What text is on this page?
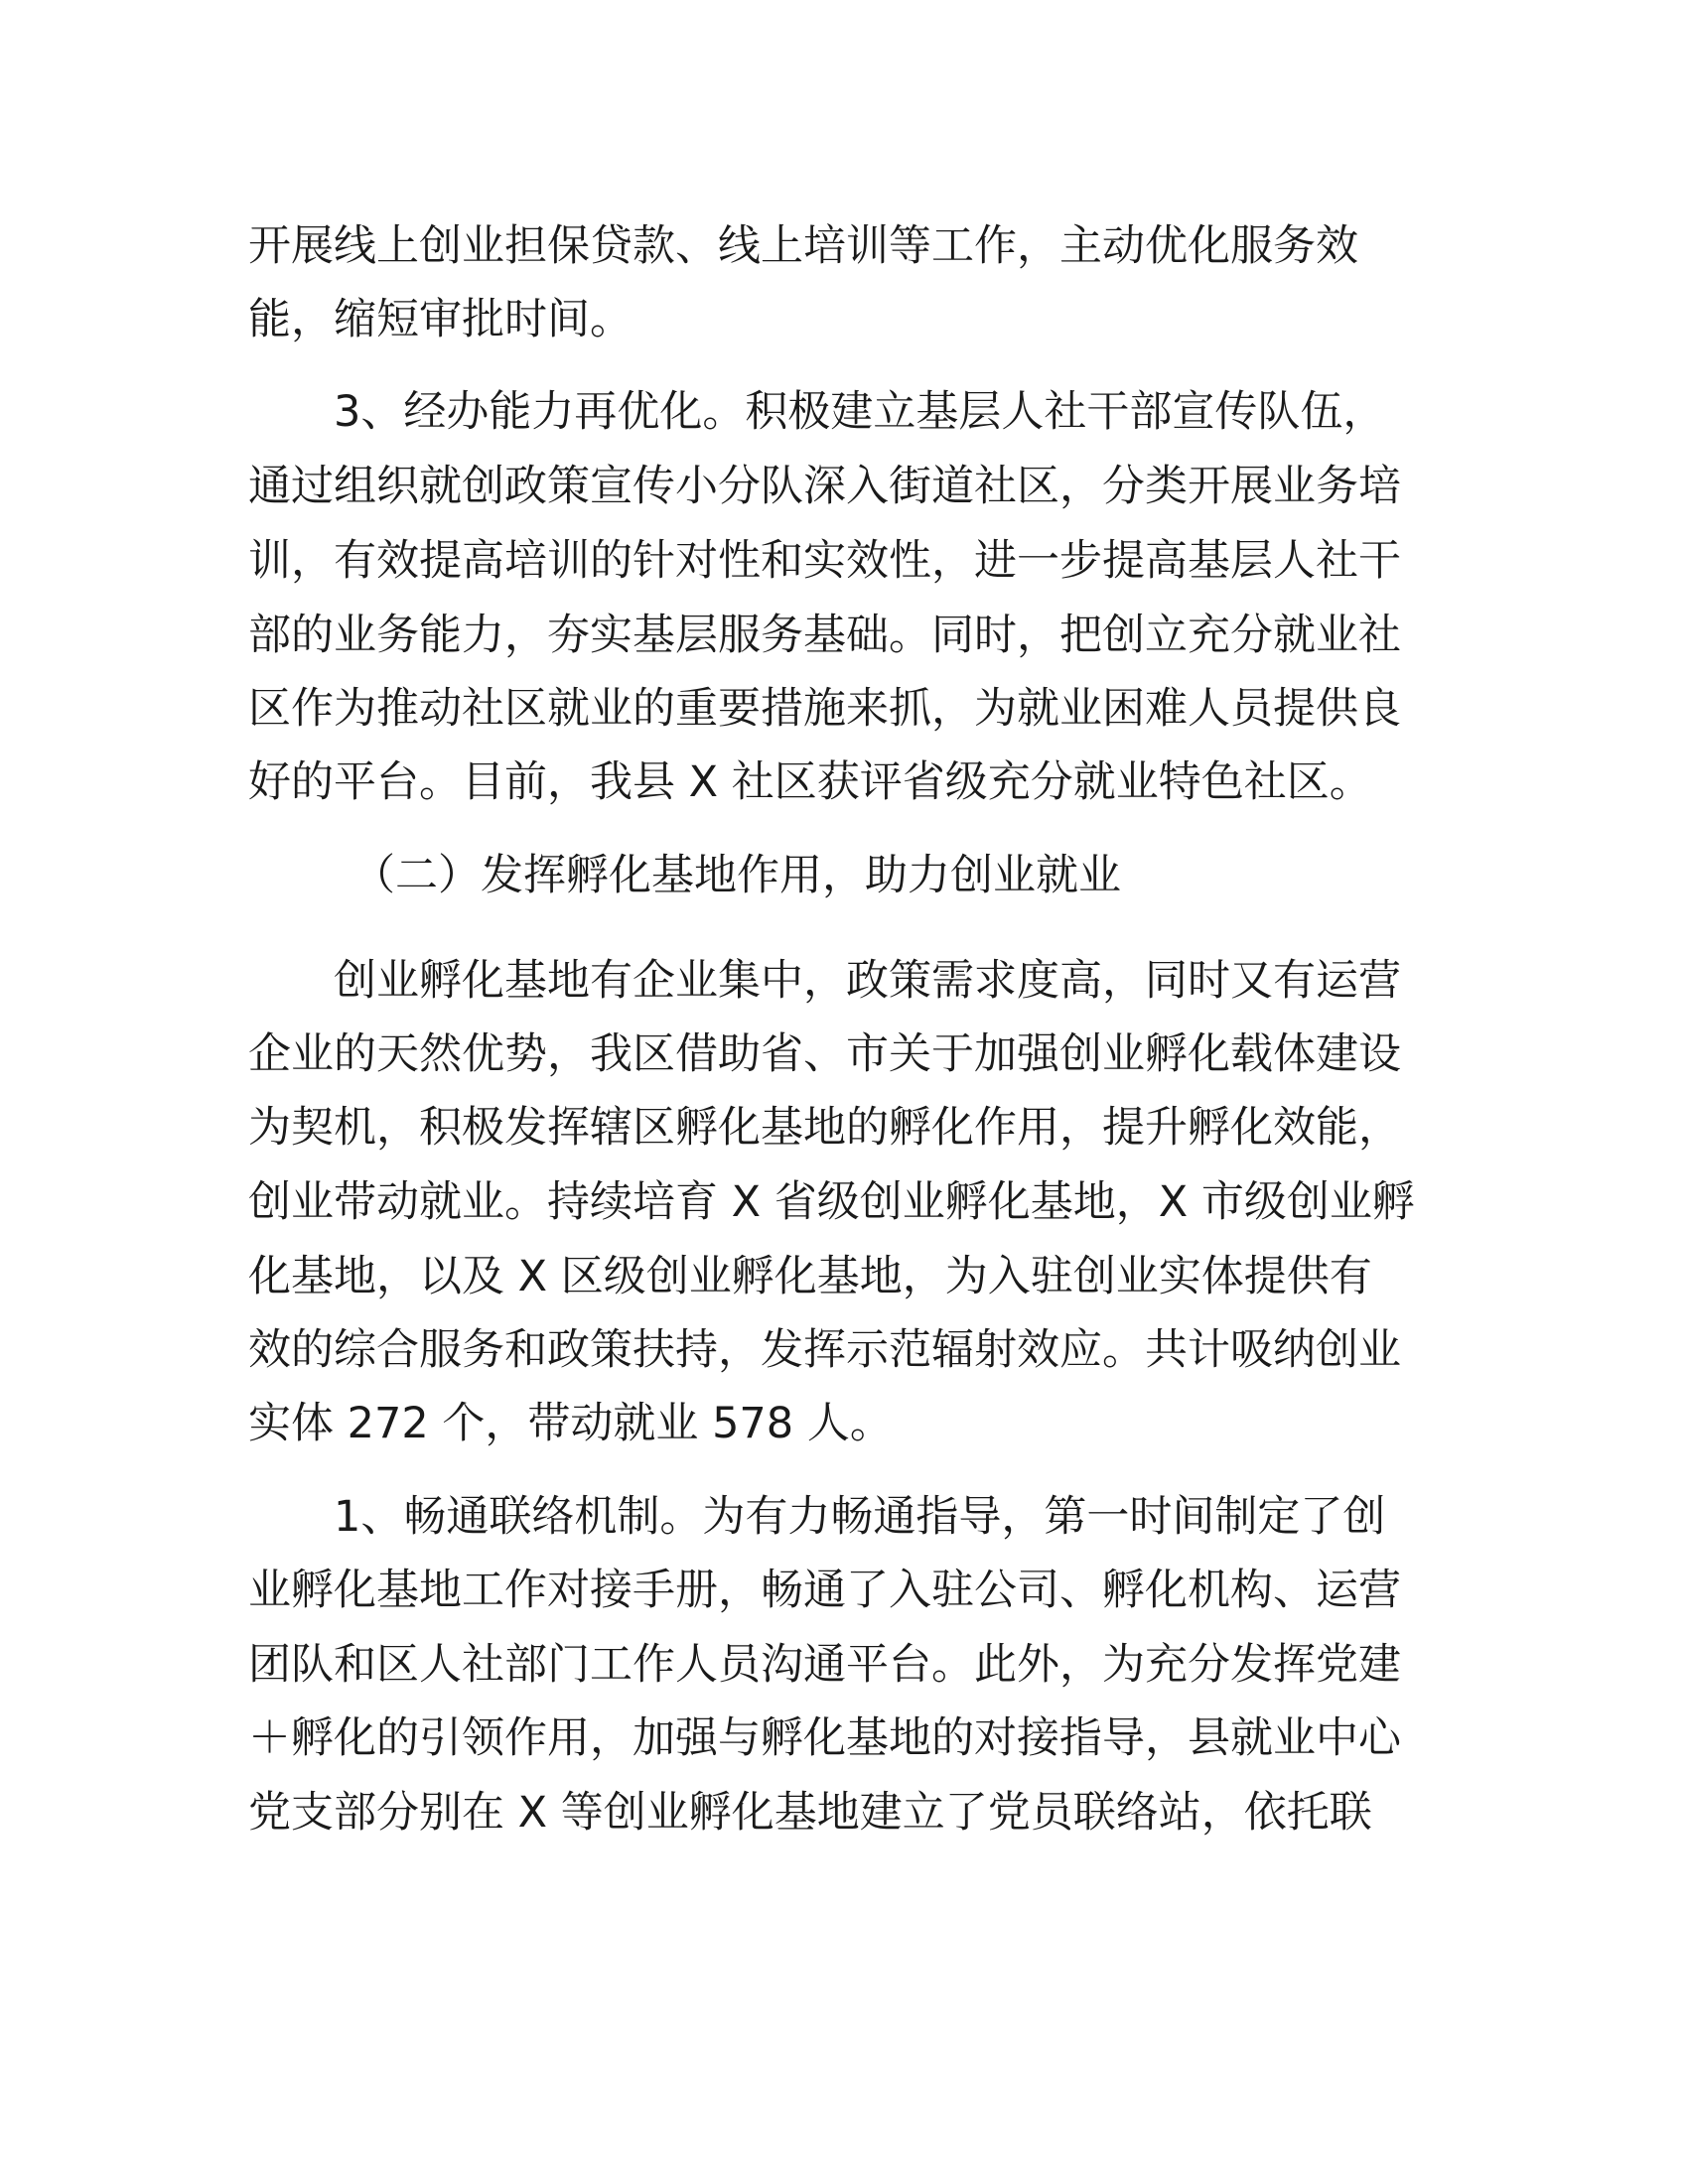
开展线上创业担保贷款、线上培训等工作，主动优化服务效
能，缩短审批时间。
3、经办能力再优化。积极建立基层人社干部宣传队伍，
通过组织就创政策宣传小分队深入街道社区，分类开展业务培
训，有效提高培训的针对性和实效性，进一步提高基层人社干
部的业务能力，夯实基层服务基础。同时，把创立充分就业社
区作为推动社区就业的重要措施来抓，为就业困难人员提供良
好的平台。目前，我县 X 社区获评省级充分就业特色社区。
（二）发挥孵化基地作用，助力创业就业
创业孵化基地有企业集中，政策需求度高，同时又有运营
企业的天然优势，我区借助省、市关于加强创业孵化载体建设
为契机，积极发挥辖区孵化基地的孵化作用，提升孵化效能，
创业带动就业。持续培育 X 省级创业孵化基地，X 市级创业孵
化基地，以及 X 区级创业孵化基地，为入驻创业实体提供有
效的综合服务和政策扶持，发挥示范辐射效应。共计吸纳创业
实体 272 个，带动就业 578 人。
1、畅通联络机制。为有力畅通指导，第一时间制定了创
业孵化基地工作对接手册，畅通了入驻公司、孵化机构、运营
团队和区人社部门工作人员沟通平台。此外，为充分发挥党建
＋孵化的引领作用，加强与孵化基地的对接指导，县就业中心
党支部分别在 X 等创业孵化基地建立了党员联络站，依托联
